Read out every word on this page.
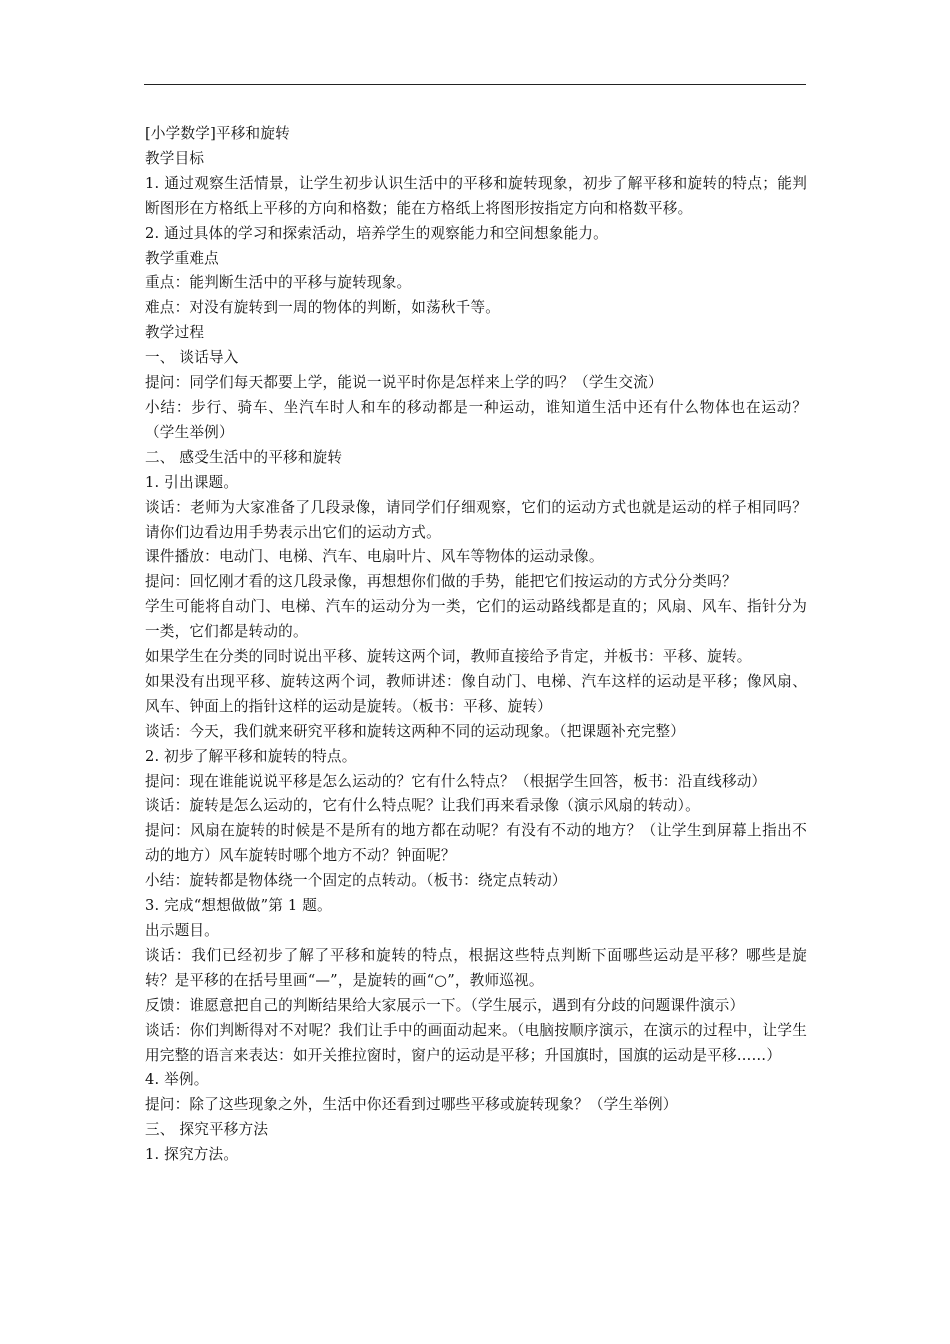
[小学数学]平移和旋转

教学目标

1. 通过观察生活情景，让学生初步认识生活中的平移和旋转现象，初步了解平移和旋转的特点；能判断图形在方格纸上平移的方向和格数；能在方格纸上将图形按指定方向和格数平移。

2. 通过具体的学习和探索活动，培养学生的观察能力和空间想象能力。

教学重难点

重点：能判断生活中的平移与旋转现象。

难点：对没有旋转到一周的物体的判断，如荡秋千等。

教学过程

一、 谈话导入

提问：同学们每天都要上学，能说一说平时你是怎样来上学的吗？（学生交流）

小结：步行、骑车、坐汽车时人和车的移动都是一种运动，谁知道生活中还有什么物体也在运动？（学生举例）

二、 感受生活中的平移和旋转

1. 引出课题。

谈话：老师为大家准备了几段录像，请同学们仔细观察，它们的运动方式也就是运动的样子相同吗？请你们边看边用手势表示出它们的运动方式。

课件播放：电动门、电梯、汽车、电扇叶片、风车等物体的运动录像。

提问：回忆刚才看的这几段录像，再想想你们做的手势，能把它们按运动的方式分分类吗？

学生可能将自动门、电梯、汽车的运动分为一类，它们的运动路线都是直的；风扇、风车、指针分为一类，它们都是转动的。

如果学生在分类的同时说出平移、旋转这两个词，教师直接给予肯定，并板书：平移、旋转。

如果没有出现平移、旋转这两个词，教师讲述：像自动门、电梯、汽车这样的运动是平移；像风扇、风车、钟面上的指针这样的运动是旋转。（板书：平移、旋转）

谈话：今天，我们就来研究平移和旋转这两种不同的运动现象。（把课题补充完整）

2. 初步了解平移和旋转的特点。

提问：现在谁能说说平移是怎么运动的？它有什么特点？（根据学生回答，板书：沿直线移动）

谈话：旋转是怎么运动的，它有什么特点呢？让我们再来看录像（演示风扇的转动）。

提问：风扇在旋转的时候是不是所有的地方都在动呢？有没有不动的地方？（让学生到屏幕上指出不动的地方）风车旋转时哪个地方不动？钟面呢？

小结：旋转都是物体绕一个固定的点转动。（板书：绕定点转动）

3. 完成“想想做做”第 1 题。

出示题目。

谈话：我们已经初步了解了平移和旋转的特点，根据这些特点判断下面哪些运动是平移？哪些是旋转？是平移的在括号里画“—”，是旋转的画“○”，教师巡视。

反馈：谁愿意把自己的判断结果给大家展示一下。（学生展示，遇到有分歧的问题课件演示）

谈话：你们判断得对不对呢？我们让手中的画面动起来。（电脑按顺序演示，在演示的过程中，让学生用完整的语言来表达：如开关推拉窗时，窗户的运动是平移；升国旗时，国旗的运动是平移……）

4. 举例。

提问：除了这些现象之外，生活中你还看到过哪些平移或旋转现象？（学生举例）

三、 探究平移方法

1. 探究方法。
